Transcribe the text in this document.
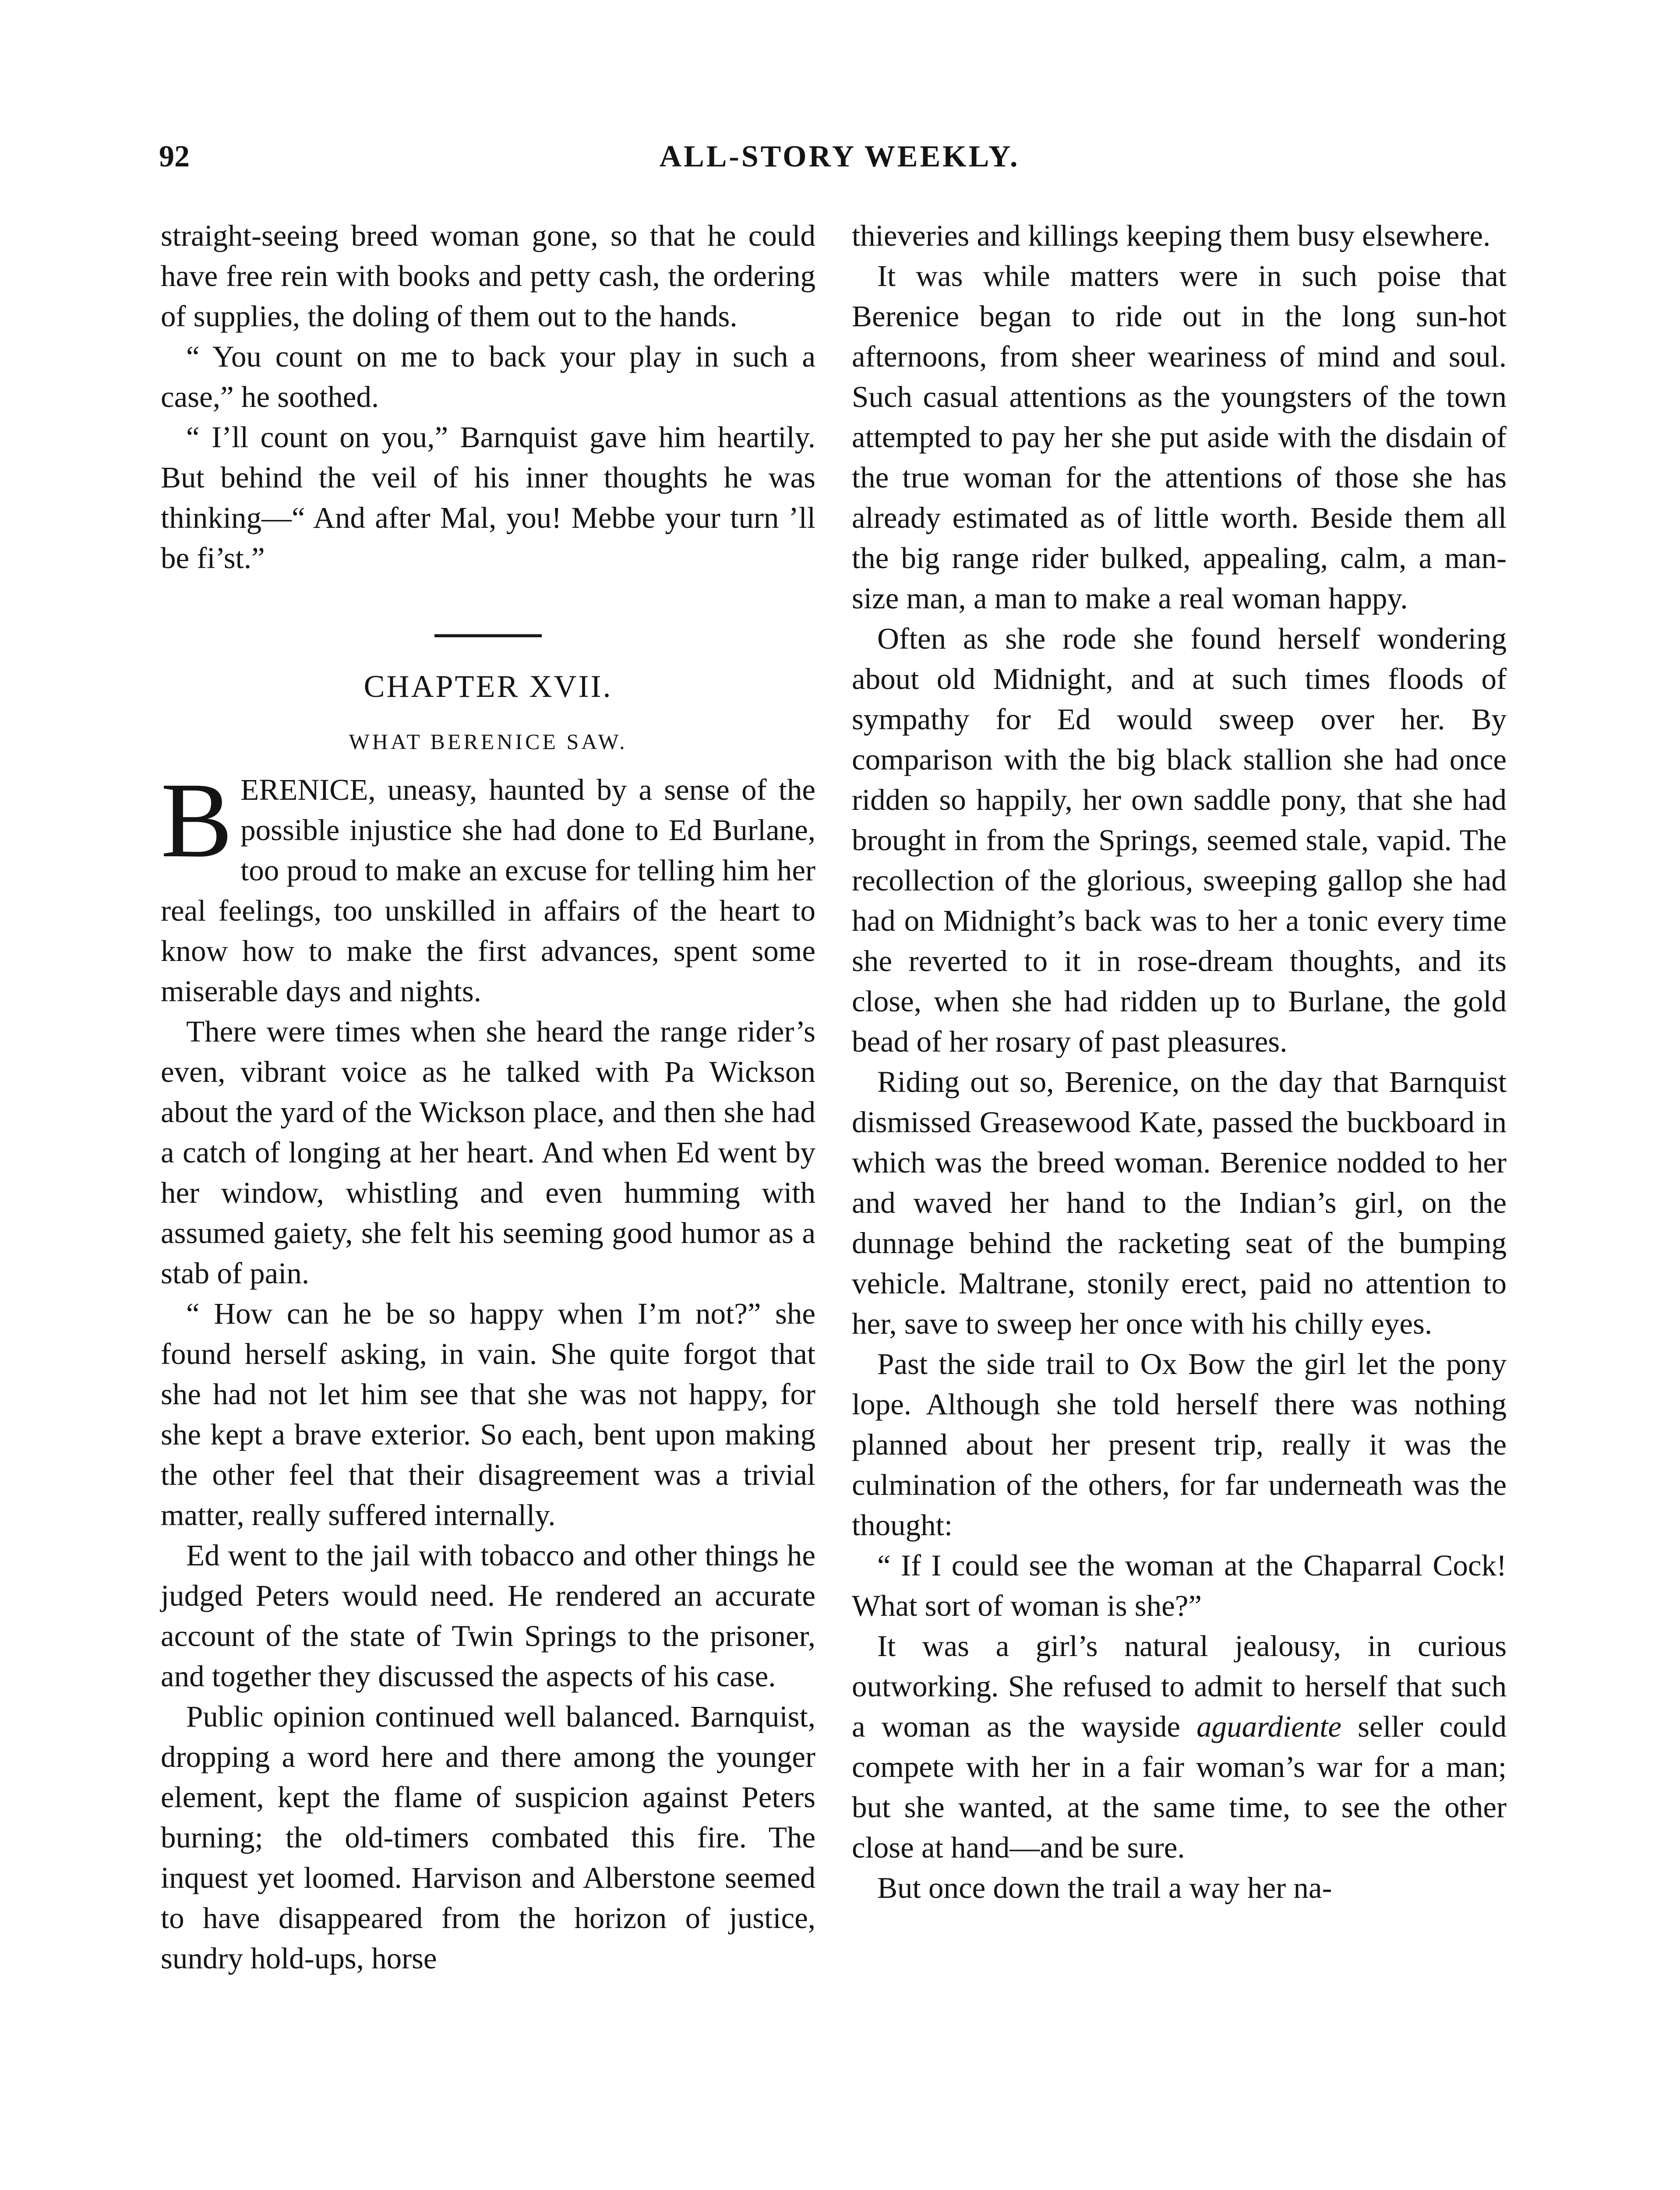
92	ALL-STORY WEEKLY.

straight-seeing breed woman gone, so that he could have free rein with books and petty cash, the ordering of supplies, the doling of them out to the hands.

“ You count on me to back your play in such a case,” he soothed.

“ I’ll count on you,” Barnquist gave him heartily. But behind the veil of his inner thoughts he was thinking—“ And after Mal, you! Mebbe your turn ’ll be fi’st.”

CHAPTER XVII.
WHAT BERENICE SAW.

BERENICE, uneasy, haunted by a sense of the possible injustice she had done to Ed Burlane, too proud to make an excuse for telling him her real feelings, too unskilled in affairs of the heart to know how to make the first advances, spent some miserable days and nights.

There were times when she heard the range rider’s even, vibrant voice as he talked with Pa Wickson about the yard of the Wickson place, and then she had a catch of longing at her heart. And when Ed went by her window, whistling and even humming with assumed gaiety, she felt his seeming good humor as a stab of pain.

“ How can he be so happy when I’m not?” she found herself asking, in vain. She quite forgot that she had not let him see that she was not happy, for she kept a brave exterior. So each, bent upon making the other feel that their disagreement was a trivial matter, really suffered internally.

Ed went to the jail with tobacco and other things he judged Peters would need. He rendered an accurate account of the state of Twin Springs to the prisoner, and together they discussed the aspects of his case.

Public opinion continued well balanced. Barnquist, dropping a word here and there among the younger element, kept the flame of suspicion against Peters burning; the old-timers combated this fire. The inquest yet loomed. Harvison and Alberstone seemed to have disappeared from the horizon of justice, sundry hold-ups, horse

thieveries and killings keeping them busy elsewhere.

It was while matters were in such poise that Berenice began to ride out in the long sun-hot afternoons, from sheer weariness of mind and soul. Such casual attentions as the youngsters of the town attempted to pay her she put aside with the disdain of the true woman for the attentions of those she has already estimated as of little worth. Beside them all the big range rider bulked, appealing, calm, a man-size man, a man to make a real woman happy.

Often as she rode she found herself wondering about old Midnight, and at such times floods of sympathy for Ed would sweep over her. By comparison with the big black stallion she had once ridden so happily, her own saddle pony, that she had brought in from the Springs, seemed stale, vapid. The recollection of the glorious, sweeping gallop she had had on Midnight’s back was to her a tonic every time she reverted to it in rose-dream thoughts, and its close, when she had ridden up to Burlane, the gold bead of her rosary of past pleasures.

Riding out so, Berenice, on the day that Barnquist dismissed Greasewood Kate, passed the buckboard in which was the breed woman. Berenice nodded to her and waved her hand to the Indian’s girl, on the dunnage behind the racketing seat of the bumping vehicle. Maltrane, stonily erect, paid no attention to her, save to sweep her once with his chilly eyes.

Past the side trail to Ox Bow the girl let the pony lope. Although she told herself there was nothing planned about her present trip, really it was the culmination of the others, for far underneath was the thought:

“ If I could see the woman at the Chaparral Cock! What sort of woman is she?”

It was a girl’s natural jealousy, in curious outworking. She refused to admit to herself that such a woman as the wayside aguardiente seller could compete with her in a fair woman’s war for a man; but she wanted, at the same time, to see the other close at hand—and be sure.

But once down the trail a way her na-
